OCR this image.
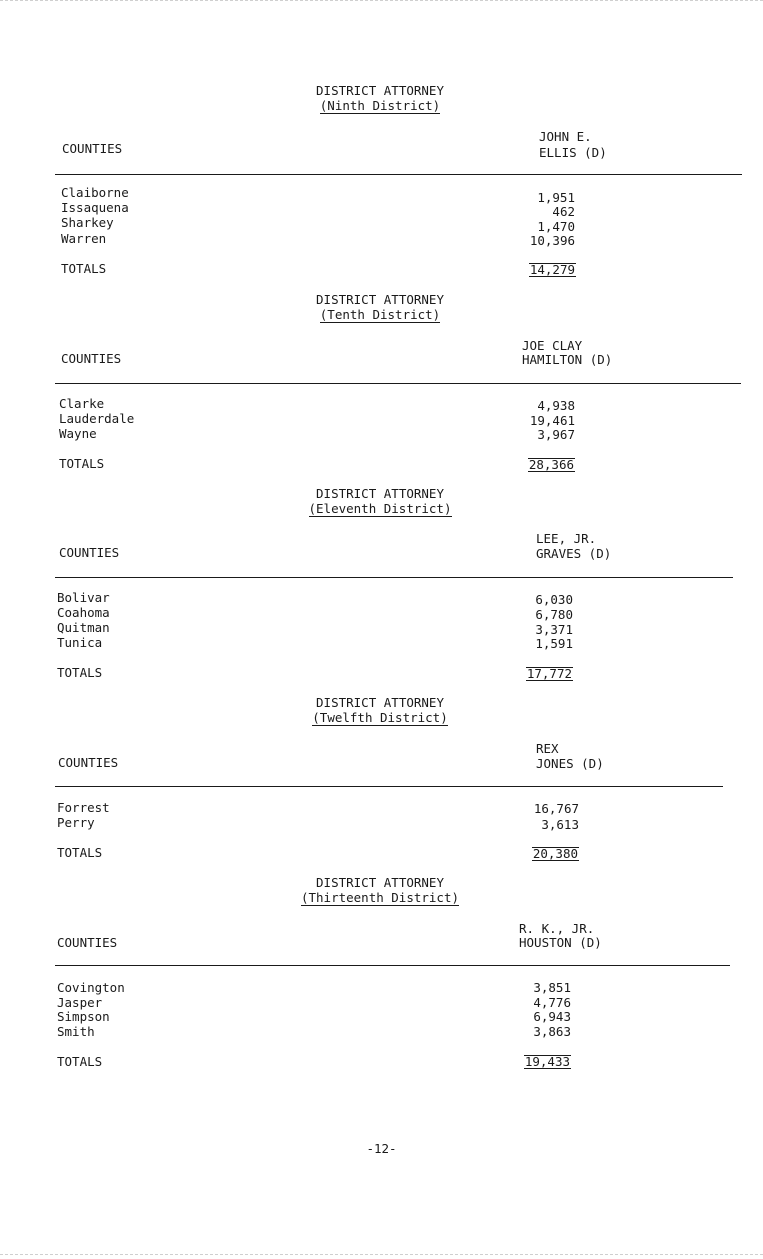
DISTRICT ATTORNEY
(Ninth District)
COUNTIES
JOHN E.
ELLIS (D)
Claiborne	1,951
Issaquena	462
Sharkey	1,470
Warren	10,396
TOTALS	14,279
DISTRICT ATTORNEY
(Tenth District)
COUNTIES
JOE CLAY
HAMILTON (D)
Clarke	4,938
Lauderdale	19,461
Wayne	3,967
TOTALS	28,366
DISTRICT ATTORNEY
(Eleventh District)
COUNTIES
LEE, JR.
GRAVES (D)
Bolivar	6,030
Coahoma	6,780
Quitman	3,371
Tunica	1,591
TOTALS	17,772
DISTRICT ATTORNEY
(Twelfth District)
COUNTIES
REX
JONES (D)
Forrest	16,767
Perry	3,613
TOTALS	20,380
DISTRICT ATTORNEY
(Thirteenth District)
COUNTIES
R. K., JR.
HOUSTON (D)
Covington	3,851
Jasper	4,776
Simpson	6,943
Smith	3,863
TOTALS	19,433
-12-
